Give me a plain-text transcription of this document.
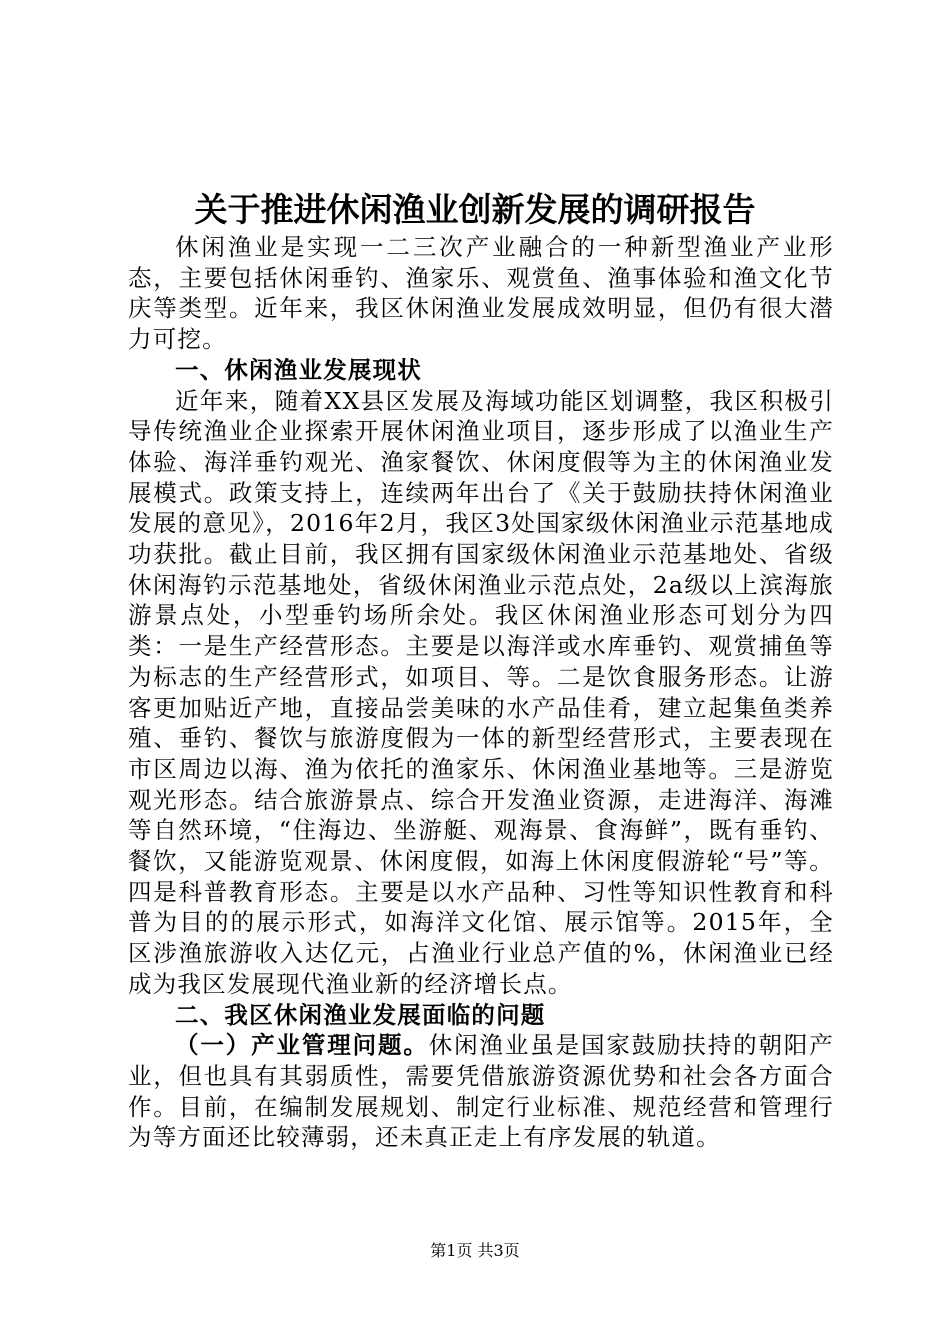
关于推进休闲渔业创新发展的调研报告

休闲渔业是实现一二三次产业融合的一种新型渔业产业形态，主要包括休闲垂钓、渔家乐、观赏鱼、渔事体验和渔文化节庆等类型。近年来，我区休闲渔业发展成效明显，但仍有很大潜力可挖。

一、休闲渔业发展现状

近年来，随着XX县区发展及海域功能区划调整，我区积极引导传统渔业企业探索开展休闲渔业项目，逐步形成了以渔业生产体验、海洋垂钓观光、渔家餐饮、休闲度假等为主的休闲渔业发展模式。政策支持上，连续两年出台了《关于鼓励扶持休闲渔业发展的意见》，2016年2月，我区3处国家级休闲渔业示范基地成功获批。截止目前，我区拥有国家级休闲渔业示范基地处、省级休闲海钓示范基地处，省级休闲渔业示范点处，2a级以上滨海旅游景点处，小型垂钓场所余处。我区休闲渔业形态可划分为四类：一是生产经营形态。主要是以海洋或水库垂钓、观赏捕鱼等为标志的生产经营形式，如项目、等。二是饮食服务形态。让游客更加贴近产地，直接品尝美味的水产品佳肴，建立起集鱼类养殖、垂钓、餐饮与旅游度假为一体的新型经营形式，主要表现在市区周边以海、渔为依托的渔家乐、休闲渔业基地等。三是游览观光形态。结合旅游景点、综合开发渔业资源，走进海洋、海滩等自然环境，“住海边、坐游艇、观海景、食海鲜”，既有垂钓、餐饮，又能游览观景、休闲度假，如海上休闲度假游轮“号”等。四是科普教育形态。主要是以水产品种、习性等知识性教育和科普为目的的展示形式，如海洋文化馆、展示馆等。2015年，全区涉渔旅游收入达亿元，占渔业行业总产值的%，休闲渔业已经成为我区发展现代渔业新的经济增长点。

二、我区休闲渔业发展面临的问题

（一）产业管理问题。休闲渔业虽是国家鼓励扶持的朝阳产业，但也具有其弱质性，需要凭借旅游资源优势和社会各方面合作。目前，在编制发展规划、制定行业标准、规范经营和管理行为等方面还比较薄弱，还未真正走上有序发展的轨道。

第1页 共3页
